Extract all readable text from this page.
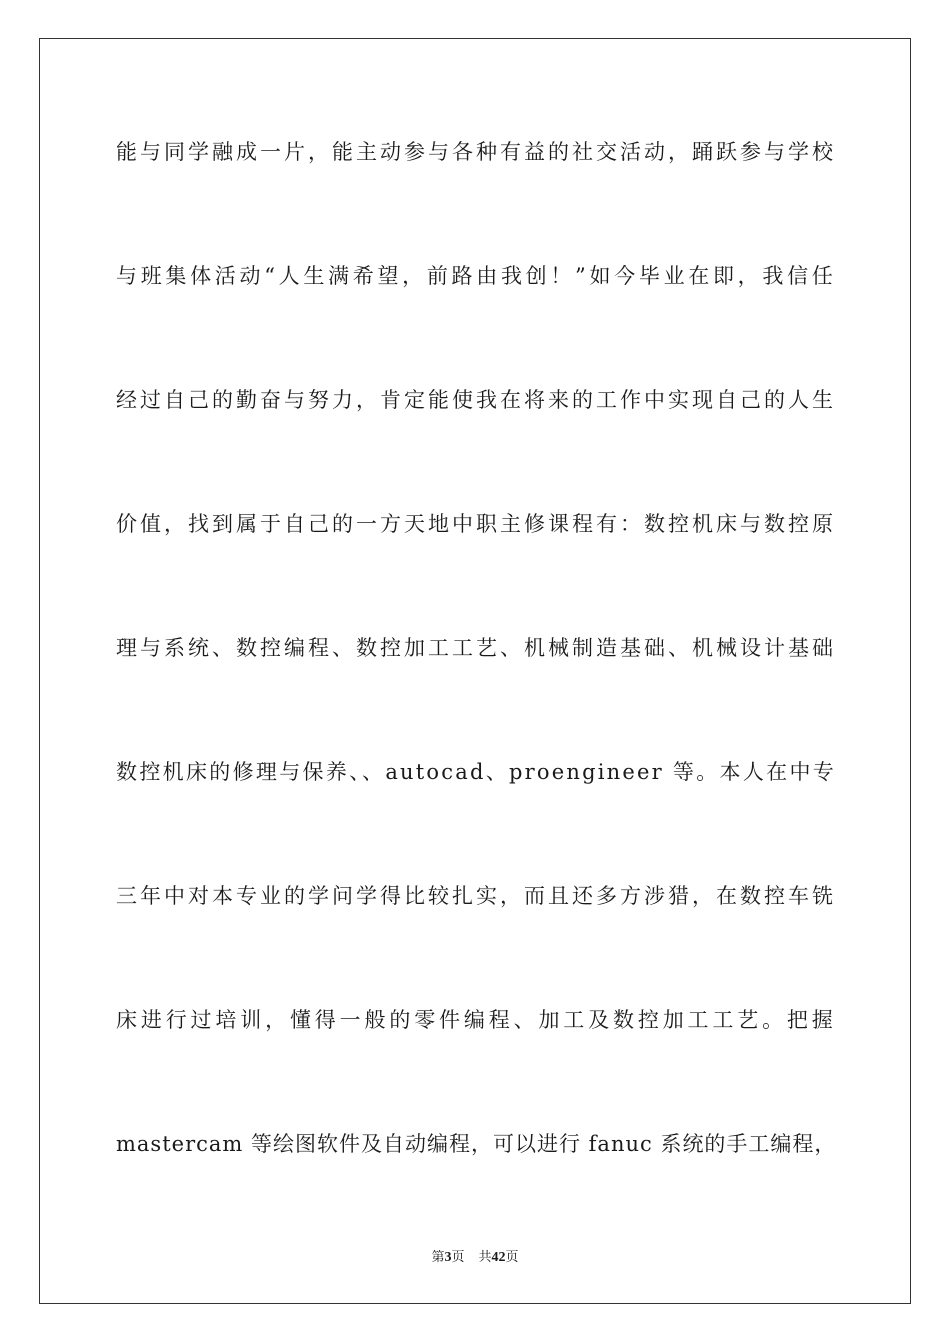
能与同学融成一片，能主动参与各种有益的社交活动，踊跃参与学校
与班集体活动“人生满希望，前路由我创！”如今毕业在即，我信任
经过自己的勤奋与努力，肯定能使我在将来的工作中实现自己的人生
价值，找到属于自己的一方天地中职主修课程有：数控机床与数控原
理与系统、数控编程、数控加工工艺、机械制造基础、机械设计基础
数控机床的修理与保养、、autocad、proengineer 等。本人在中专
三年中对本专业的学问学得比较扎实，而且还多方涉猎，在数控车铣
床进行过培训，懂得一般的零件编程、加工及数控加工工艺。把握
mastercam 等绘图软件及自动编程，可以进行 fanuc 系统的手工编程，
第3页 共42页
